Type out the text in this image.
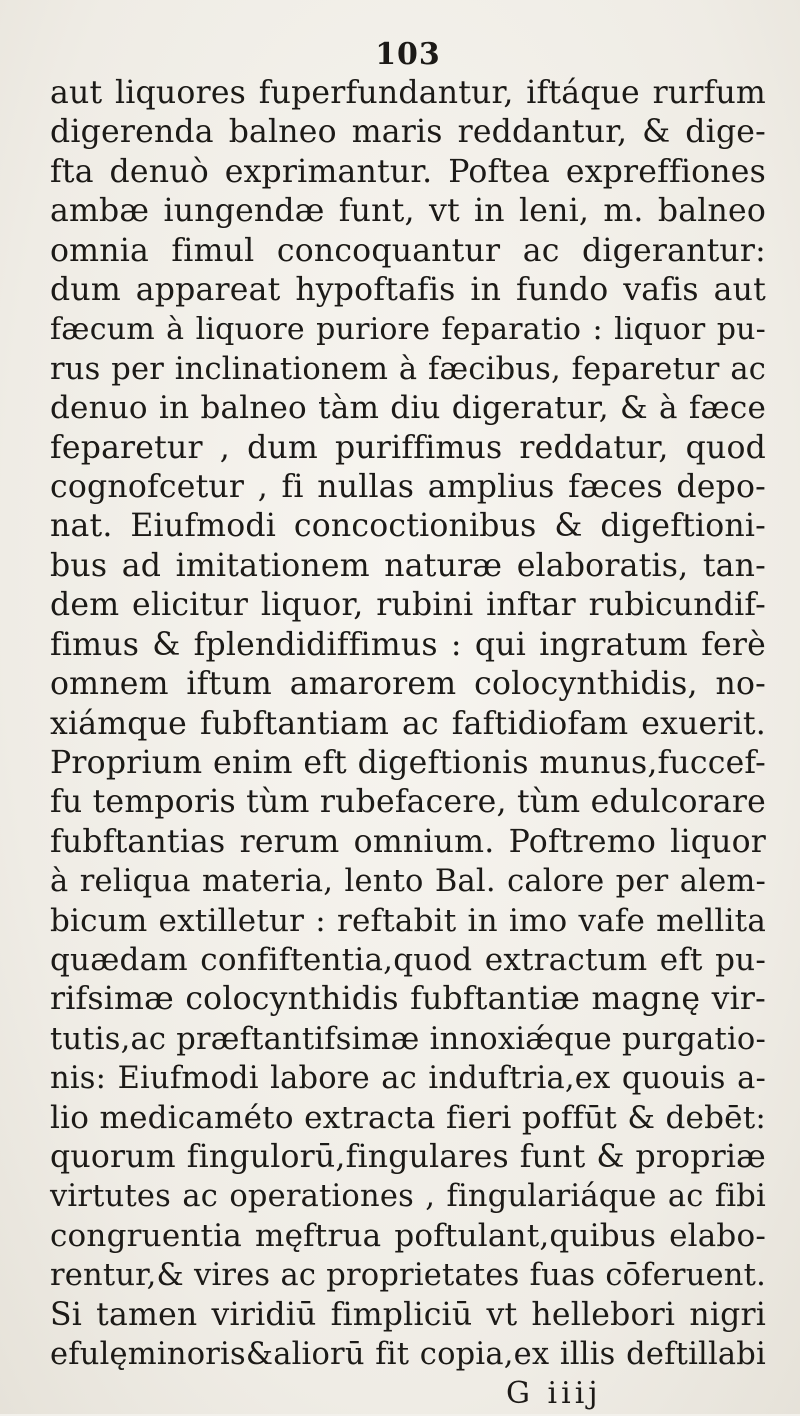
103
aut liquores fuperfundantur, iftáque rurfum
digerenda balneo maris reddantur, & dige-
fta denuò exprimantur. Poftea expreffiones
ambæ iungendæ funt, vt in leni, m. balneo
omnia fimul concoquantur ac digerantur:
dum appareat hypoftafis in fundo vafis aut
fæcum à liquore puriore feparatio : liquor pu-
rus per inclinationem à fæcibus, feparetur ac
denuo in balneo tàm diu digeratur, & à fæce
feparetur , dum puriffimus reddatur, quod
cognofcetur , fi nullas amplius fæces depo-
nat. Eiufmodi concoctionibus & digeftioni-
bus ad imitationem naturæ elaboratis, tan-
dem elicitur liquor, rubini inftar rubicundif-
fimus & fplendidiffimus : qui ingratum ferè
omnem iftum amarorem colocynthidis, no-
xiámque fubftantiam ac faftidiofam exuerit.
Proprium enim eft digeftionis munus,fuccef-
fu temporis tùm rubefacere, tùm edulcorare
fubftantias rerum omnium. Poftremo liquor
à reliqua materia, lento Bal. calore per alem-
bicum extilletur : reftabit in imo vafe mellita
quædam confiftentia,quod extractum eft pu-
rifsimæ colocynthidis fubftantiæ magnę vir-
tutis,ac præftantifsimæ innoxiǽque purgatio-
nis: Eiufmodi labore ac induftria,ex quouis a-
lio medicaméto extracta fieri poffūt & debēt:
quorum fingulorū,fingulares funt & propriæ
virtutes ac operationes , fingulariáque ac fibi
congruentia męftrua poftulant,quibus elabo-
rentur,& vires ac proprietates fuas cōferuent.
Si tamen viridiū fimpliciū vt hellebori nigri
efulęminoris&aliorū fit copia,ex illis deftillabi
G iiij
